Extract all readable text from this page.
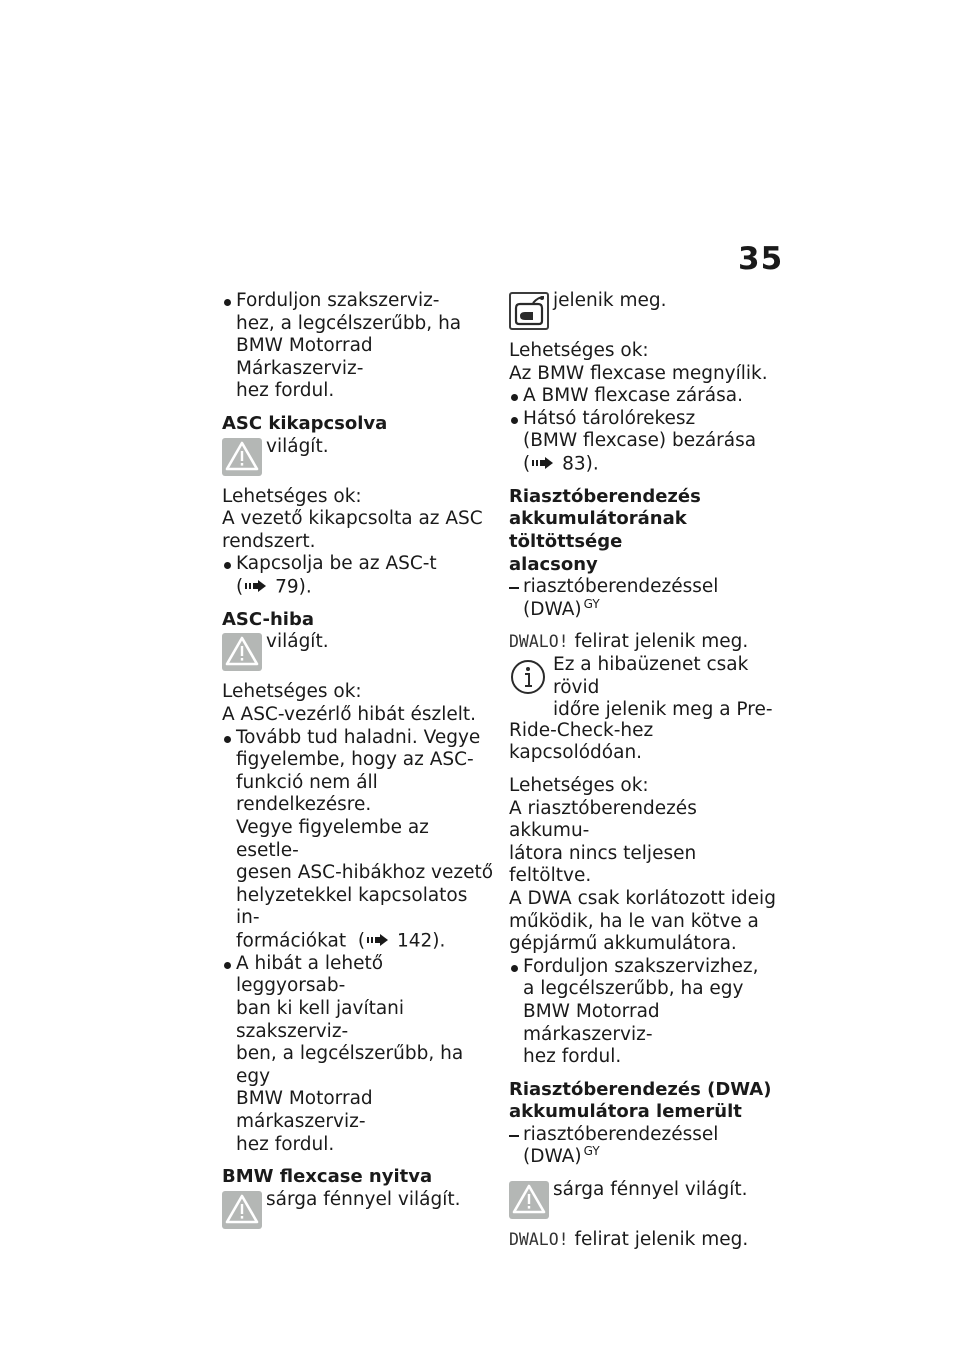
35

Forduljon szakszerviz-

hez, a legcélszerűbb, ha

BMW Motorrad Márkaszerviz-

hez fordul.

ASC kikapcsolva

világít.

Lehetséges ok:

A vezető kikapcsolta az ASC

rendszert.

Kapcsolja be az ASC-t

( 79).

ASC-hiba

világít.

Lehetséges ok:

A ASC-vezérlő hibát észlelt.

Tovább tud haladni. Vegye

figyelembe, hogy az ASC-

funkció nem áll rendelkezésre.

Vegye figyelembe az esetle-

gesen ASC-hibákhoz vezető

helyzetekkel kapcsolatos in-

formációkat  ( 142).

A hibát a lehető leggyorsab-

ban ki kell javítani szakszerviz-

ben, a legcélszerűbb, ha egy

BMW Motorrad márkaszerviz-

hez fordul.

BMW flexcase nyitva

sárga fénnyel világít.

jelenik meg.

Lehetséges ok:

Az BMW flexcase megnyílik.

A BMW flexcase zárása.

Hátsó tárolórekesz

(BMW flexcase) bezárása

( 83).

Riasztóberendezés

akkumulátorának töltöttsége

alacsony

riasztóberendezéssel

(DWA) $^{GY}$

DWALO! felirat jelenik meg.

Ez a hibaüzenet csak rövid

időre jelenik meg a Pre-

Ride-Check-hez kapcsolódóan.

Lehetséges ok:

A riasztóberendezés akkumu-

látora nincs teljesen feltöltve.

A DWA csak korlátozott ideig

működik, ha le van kötve a

gépjármű akkumulátora.

Forduljon szakszervizhez,

a legcélszerűbb, ha egy

BMW Motorrad márkaszerviz-

hez fordul.

Riasztóberendezés (DWA)

akkumulátora lemerült

riasztóberendezéssel

(DWA) $^{GY}$

sárga fénnyel világít.

DWALO! felirat jelenik meg.
